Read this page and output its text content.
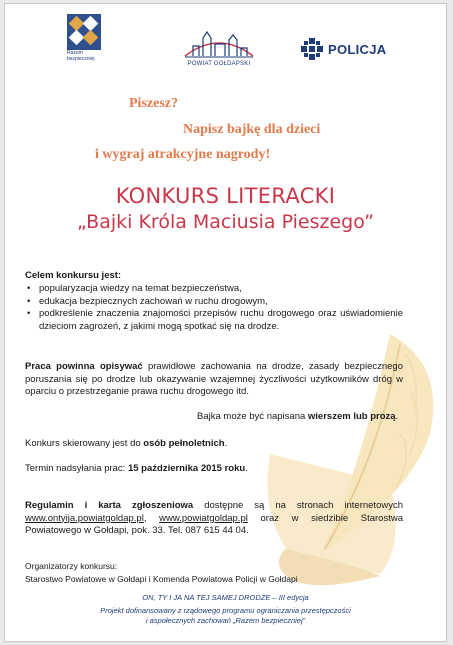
Razem bezpieczniej
POWIAT GOŁDAPSKI
POLICJA
Piszesz?
Napisz bajkę dla dzieci
i wygraj atrakcyjne nagrody!
KONKURS LITERACKI
„Bajki Króla Maciusia Pieszego”
Celem konkursu jest:
• popularyzacja wiedzy na temat bezpieczeństwa,
• edukacja bezpiecznych zachowań w ruchu drogowym,
• podkreślenie znaczenia znajomości przepisów ruchu drogowego oraz uświadomienie dzieciom zagrożeń, z jakimi mogą spotkać się na drodze.
Praca powinna opisywać prawidłowe zachowania na drodze, zasady bezpiecznego poruszania się po drodze lub okazywanie wzajemnej życzliwości użytkowników dróg w oparciu o przestrzeganie prawa ruchu drogowego itd.
Bajka może być napisana wierszem lub prozą.
Konkurs skierowany jest do osób pełnoletnich.
Termin nadsyłania prac: 15 października 2015 roku.
Regulamin i karta zgłoszeniowa dostępne są na stronach internetowych www.ontyija.powiatgoldap.pl, www.powiatgoldap.pl oraz w siedzibie Starostwa Powiatowego w Gołdapi, pok. 33. Tel. 087 615 44 04.
Organizatorzy konkursu:
Starostwo Powiatowe w Gołdapi i Komenda Powiatowa Policji w Gołdapi
ON, TY I JA NA TEJ SAMEJ DRODZE – III edycja
Projekt dofinansowany z rządowego programu ograniczania przestępczości
i aspołecznych zachowań „Razem bezpieczniej”
